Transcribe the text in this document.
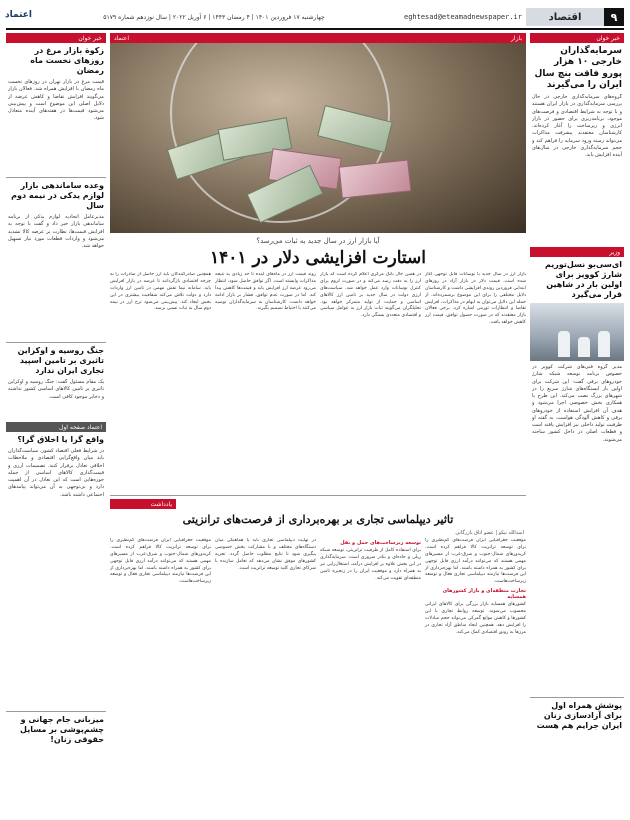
اعتماد	چهارشنبه ۱۷ فروردین ۱۴۰۱ | ۴ رمضان ۱۴۴۳ | ۶ آوریل ۲۰۲۲ | سال نوزدهم شماره ۵۱۷۹	eghtesad@eteamadnewspaper.ir	اقتصاد	۹
خبر خوان
سرمایه‌گذاران خارجی ۱۰ هزار پورو فاقت بنچ سال ایران را می‌گیرند
گروه‌های سرمایه‌گذاری خارجی در حال بررسی سرمایه‌گذاری در بازار ایران هستند و با توجه به شرایط اقتصادی و فرصت‌های موجود، برنامه‌ریزی برای حضور در بازار انرژی و زیرساخت را آغاز کرده‌اند. کارشناسان معتقدند پیشرفت مذاکرات می‌تواند زمینه ورود سرمایه را فراهم کند و حجم سرمایه‌گذاری خارجی در سال‌های آینده افزایش یابد.
وزیر
ای‌سی‌بو نسل‌توریم شارژ کوویز برای اولین بار در شاهین قرار می‌گیرد
مدیر گروه فنی‌های شرکت کوویز در خصوص برنامه توسعه شبکه شارژ خودروهای برقی گفت: این شرکت برای اولین بار ایستگاه‌های شارژ سریع را در شهرهای بزرگ نصب می‌کند. این طرح با همکاری بخش خصوصی اجرا می‌شود و هدف آن افزایش استفاده از خودروهای برقی و کاهش آلودگی هواست. به گفته او ظرفیت تولید داخلی نیز افزایش یافته است و قطعات اصلی در داخل کشور ساخته می‌شوند.
پوشش همراه اول برای آزادسازی زنان ایران جرایم هم هست
خبر خوان
زکوة بازار مرغ در روزهای نخست ماه رمضان
قیمت مرغ در بازار تهران در روزهای نخست ماه رمضان با افزایش همراه شد. فعالان بازار می‌گویند افزایش تقاضا و کاهش عرضه از دلایل اصلی این موضوع است و پیش‌بینی می‌شود قیمت‌ها در هفته‌های آینده متعادل شود.
وعده ساماندهی بازار لوازم یدکی در نیمه دوم سال
مدیرعامل اتحادیه لوازم یدکی از برنامه ساماندهی بازار خبر داد و گفت با توجه به افزایش قیمت‌ها، نظارت بر عرضه کالا تشدید می‌شود و واردات قطعات مورد نیاز تسهیل خواهد شد.
جنگ روسیه و اوکراین تاثیری بر تامین اسپید تجاری ایران ندارد
یک مقام مسئول گفت: جنگ روسیه و اوکراین تاثیری بر تامین کالاهای اساسی کشور نداشته و ذخایر موجود کافی است.
اعتماد صفحه اول
واقع گرا یا اخلاق گرا؟
در شرایط فعلی اقتصاد کشور، سیاست‌گذاران باید میان واقع‌گرایی اقتصادی و ملاحظات اخلاقی تعادل برقرار کنند. تصمیمات ارزی و قیمت‌گذاری کالاهای اساسی از جمله حوزه‌هایی است که این تعادل در آن اهمیت دارد و بی‌توجهی به آن می‌تواند پیامدهای اجتماعی داشته باشد.
میزبانی جام جهانی و چشم‌پوشی بر مسایل حقوقی زنان!
بازار
اعتماد
آیا بازار ارز در سال جدید به ثبات می‌رسد؟
استارت افزایشی دلار در ۱۴۰۱
بازار ارز در سال جدید با نوسانات قابل توجهی آغاز شده است. قیمت دلار در بازار آزاد در روزهای ابتدایی فروردین روندی افزایشی داشت و کارشناسان دلایل مختلفی را برای این موضوع برشمرده‌اند. از جمله این دلایل می‌توان به ابهام در مذاکرات، افزایش تقاضا و انتظارات تورمی اشاره کرد. برخی فعالان بازار معتقدند که در صورت حصول توافق، قیمت ارز کاهش خواهد یافت.
در همین حال بانک مرکزی اعلام کرده است که بازار ارز را به دقت رصد می‌کند و در صورت لزوم برای کنترل نوسانات وارد عمل خواهد شد. سیاست‌های ارزی دولت در سال جدید بر تامین ارز کالاهای اساسی و حمایت از تولید متمرکز خواهد بود. تحلیلگران می‌گویند ثبات بازار ارز به عوامل سیاسی و اقتصادی متعددی بستگی دارد.
روند قیمت ارز در ماه‌های آینده تا حد زیادی به نتیجه مذاکرات وابسته است. اگر توافق حاصل شود، انتظار می‌رود عرضه ارز افزایش یابد و قیمت‌ها کاهش پیدا کند. اما در صورت عدم توافق، فشار بر بازار ادامه خواهد داشت. کارشناسان به سرمایه‌گذاران توصیه می‌کنند با احتیاط تصمیم بگیرند.
همچنین صادرکنندگان باید ارز حاصل از صادرات را به چرخه اقتصادی بازگردانند تا عرضه در بازار افزایش یابد. سامانه نیما نقش مهمی در تامین ارز واردات دارد و دولت تلاش می‌کند شفافیت بیشتری در این بخش ایجاد کند. پیش‌بینی می‌شود نرخ ارز در نیمه دوم سال به ثبات نسبی برسد.
یادداشت
تاثیر دیپلماسی تجاری بر بهره‌برداری از فرصت‌های ترانزیتی
اسدالله نیکو | عضو اتاق بازرگانی
موقعیت جغرافیایی ایران فرصت‌های کم‌نظیری را برای توسعه ترانزیت کالا فراهم کرده است. کریدورهای شمال-جنوب و شرق-غرب از مسیرهای مهمی هستند که می‌توانند درآمد ارزی قابل توجهی برای کشور به همراه داشته باشند. اما بهره‌برداری از این فرصت‌ها نیازمند دیپلماسی تجاری فعال و توسعه زیرساخت‌هاست.
تجارت منطقه‌ای و بازار کشورهای همسایه
کشورهای همسایه بازار بزرگی برای کالاهای ایرانی محسوب می‌شوند. توسعه روابط تجاری با این کشورها و کاهش موانع گمرکی می‌تواند حجم مبادلات را افزایش دهد. همچنین ایجاد مناطق آزاد تجاری در مرزها به رونق اقتصادی کمک می‌کند.
توسعه زیرساخت‌های حمل و نقل
برای استفاده کامل از ظرفیت ترانزیتی، توسعه شبکه ریلی و جاده‌ای و بنادر ضروری است. سرمایه‌گذاری در این بخش علاوه بر افزایش درآمد، اشتغال‌زایی نیز به همراه دارد و موقعیت ایران را در زنجیره تامین منطقه‌ای تقویت می‌کند.
در نهایت دیپلماسی تجاری باید با هماهنگی میان دستگاه‌های مختلف و با مشارکت بخش خصوصی پیگیری شود تا نتایج مطلوب حاصل گردد. تجربه کشورهای موفق نشان می‌دهد که تعامل سازنده با شرکای تجاری کلید توسعه ترانزیت است.
موقعیت جغرافیایی ایران فرصت‌های کم‌نظیری را برای توسعه ترانزیت کالا فراهم کرده است. کریدورهای شمال-جنوب و شرق-غرب از مسیرهای مهمی هستند که می‌توانند درآمد ارزی قابل توجهی برای کشور به همراه داشته باشند. اما بهره‌برداری از این فرصت‌ها نیازمند دیپلماسی تجاری فعال و توسعه زیرساخت‌هاست.
